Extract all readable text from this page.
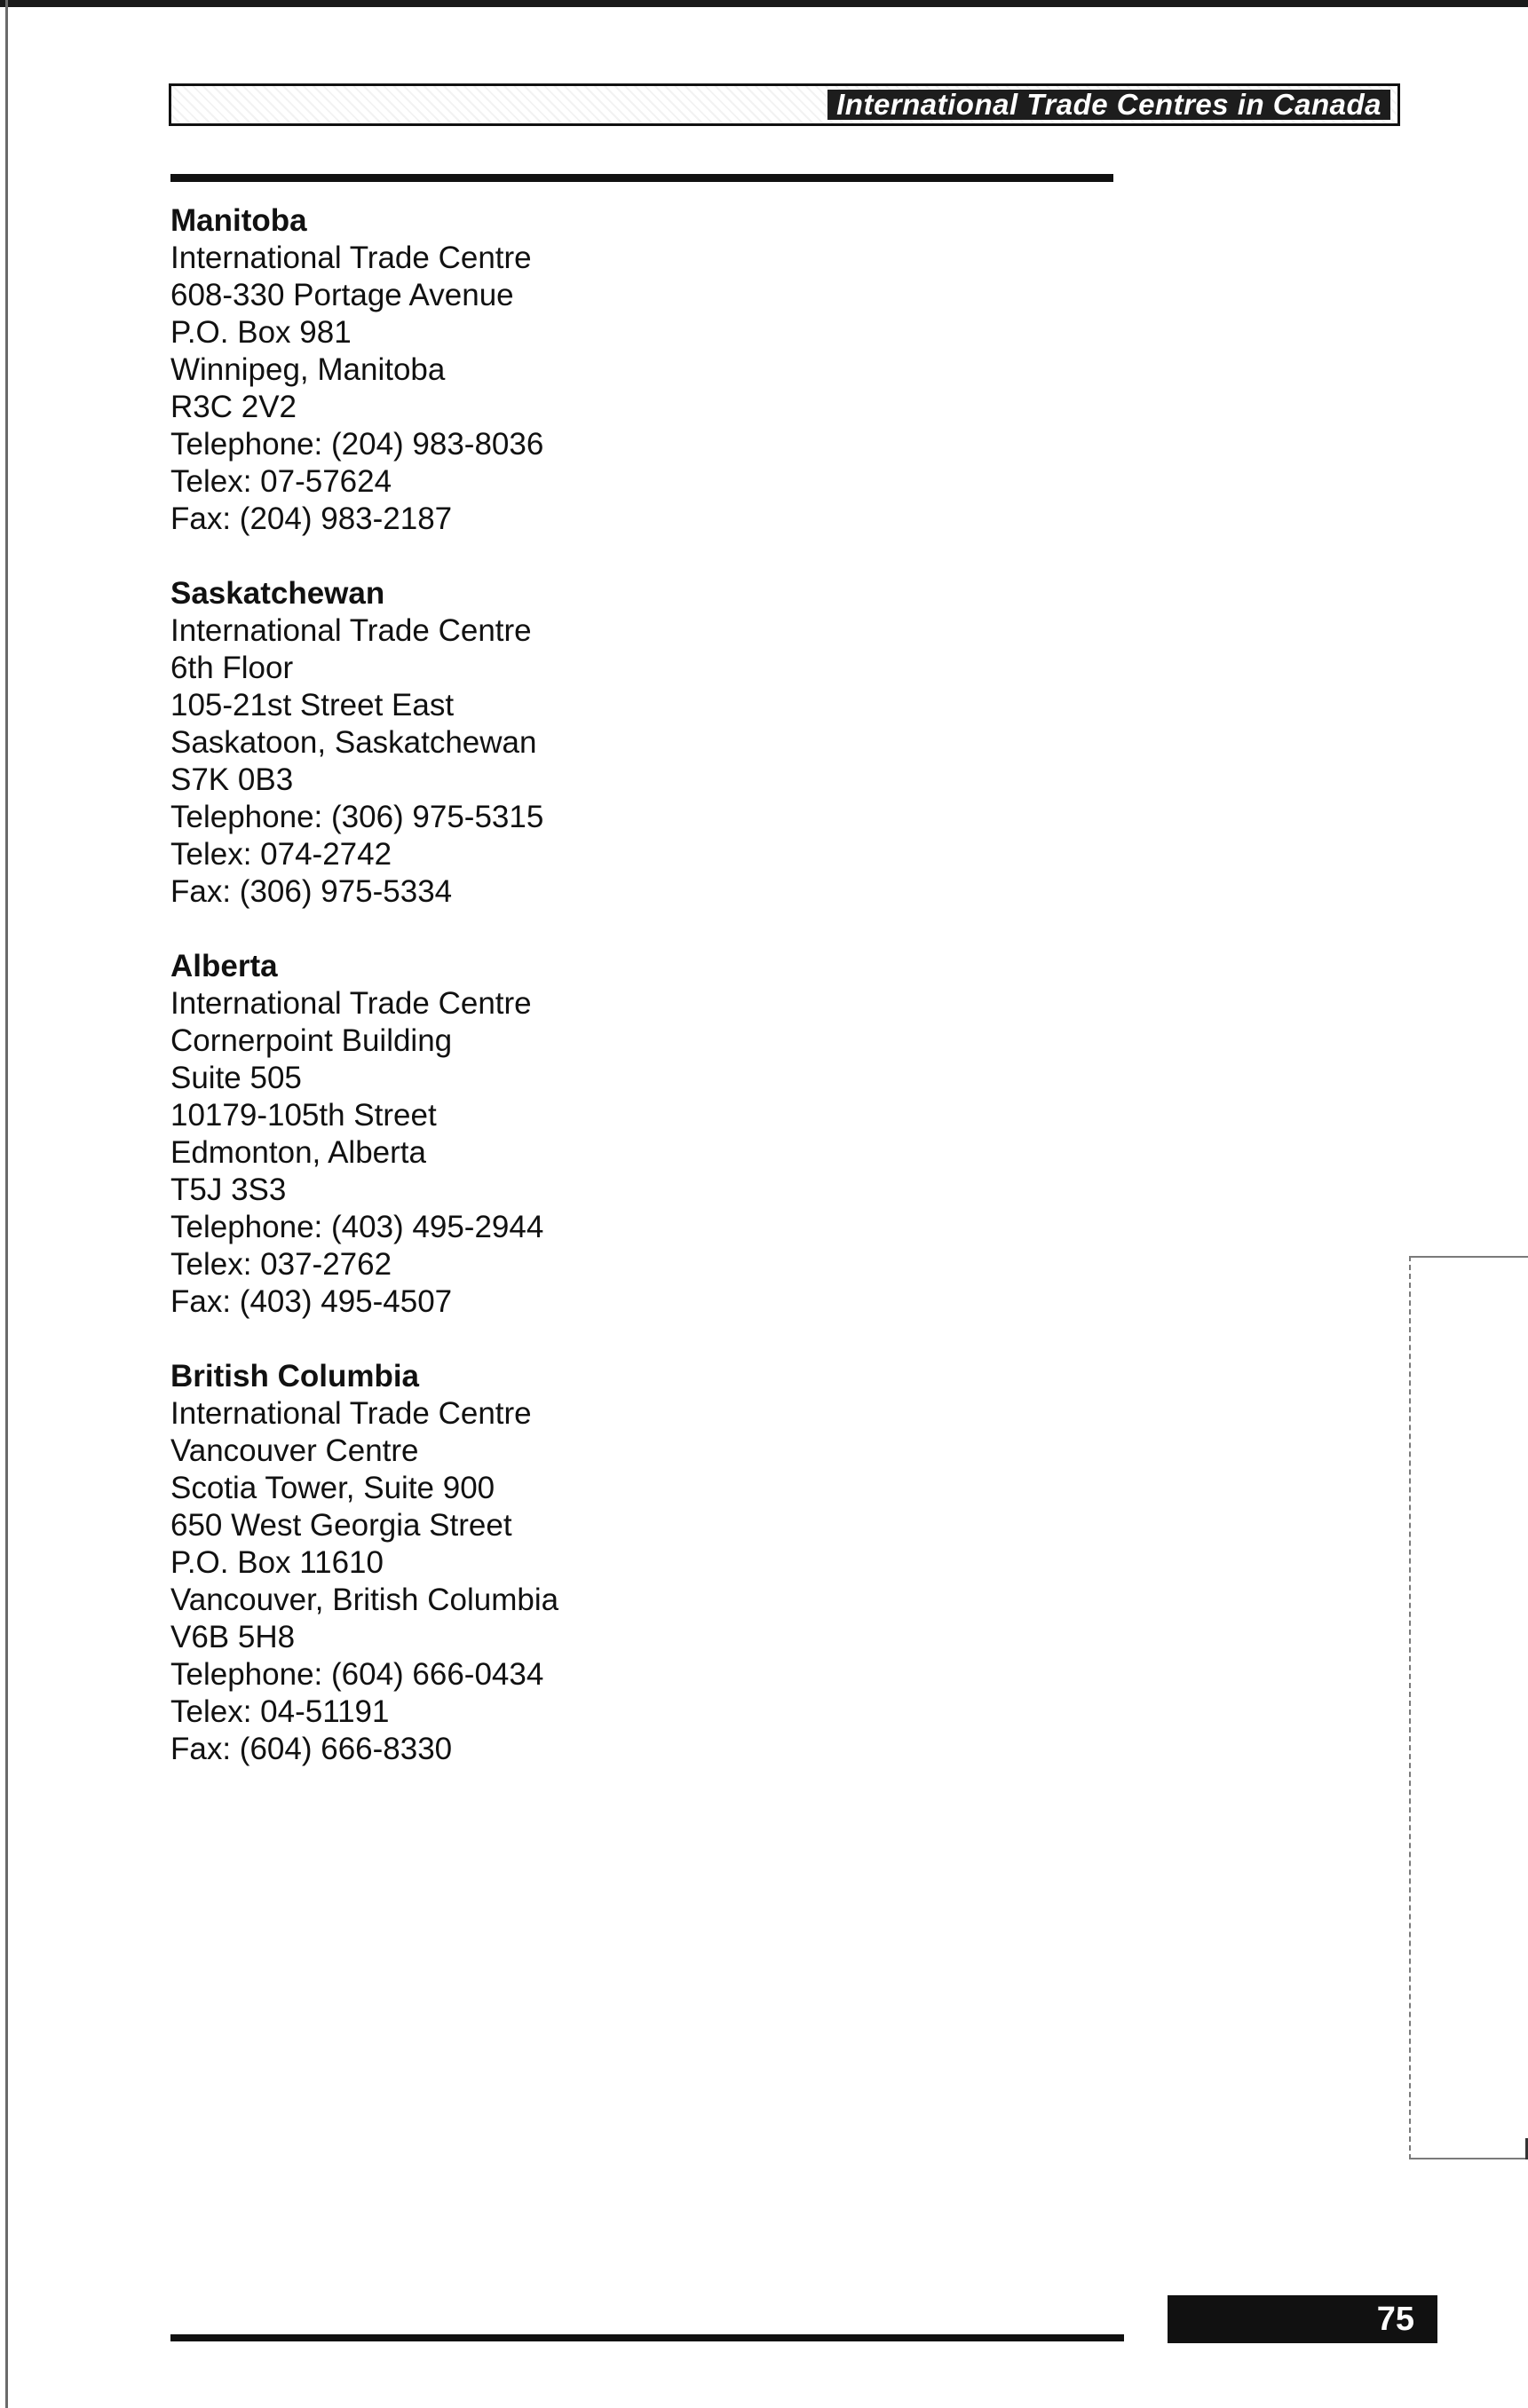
International Trade Centres in Canada
Manitoba
International Trade Centre
608-330 Portage Avenue
P.O. Box 981
Winnipeg, Manitoba
R3C 2V2
Telephone: (204) 983-8036
Telex: 07-57624
Fax: (204) 983-2187
Saskatchewan
International Trade Centre
6th Floor
105-21st Street East
Saskatoon, Saskatchewan
S7K 0B3
Telephone: (306) 975-5315
Telex: 074-2742
Fax: (306) 975-5334
Alberta
International Trade Centre
Cornerpoint Building
Suite 505
10179-105th Street
Edmonton, Alberta
T5J 3S3
Telephone: (403) 495-2944
Telex: 037-2762
Fax: (403) 495-4507
British Columbia
International Trade Centre
Vancouver Centre
Scotia Tower, Suite 900
650 West Georgia Street
P.O. Box 11610
Vancouver, British Columbia
V6B 5H8
Telephone: (604) 666-0434
Telex: 04-51191
Fax: (604) 666-8330
75
